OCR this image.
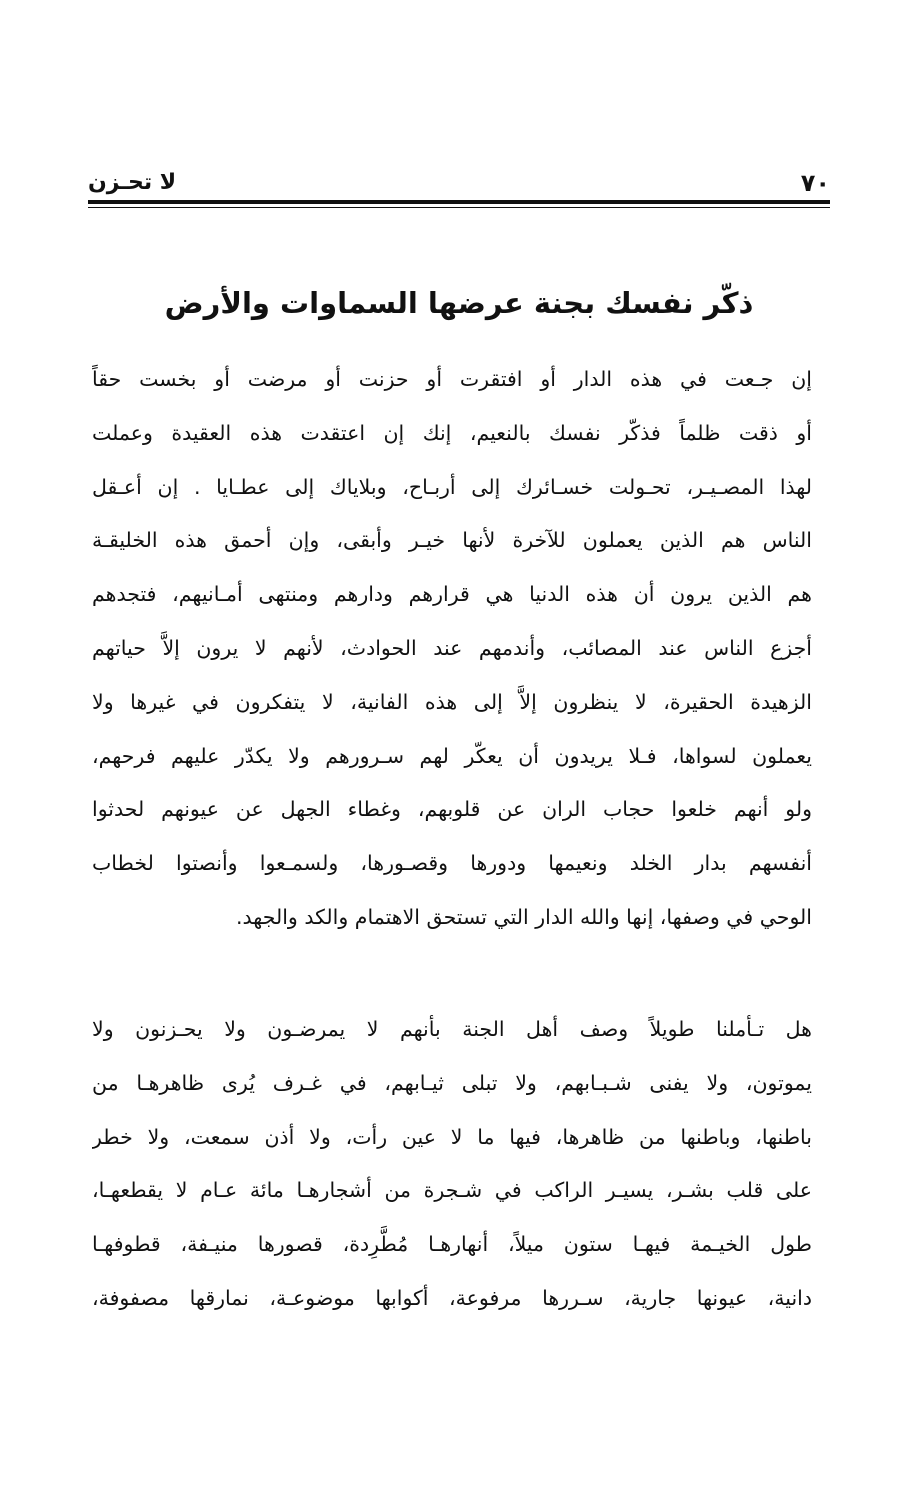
٧٠
لا تحـزن
ذكّر نفسك بجنة عرضها السماوات والأرض
إن جـعت في هذه الدار أو افتقرت أو حزنت أو مرضت أو بخست حقاً
أو ذقت ظلماً فذكّر نفسك بالنعيم، إنك إن اعتقدت هذه العقيدة وعملت
لهذا المصـيـر، تحـولت خسـائرك إلى أربـاح، وبلاياك إلى عطـايا . إن أعـقل
الناس هم الذين يعملون للآخرة لأنها خيـر وأبقى، وإن أحمق هذه الخليقـة
هم الذين يرون أن هذه الدنيا هي قرارهم ودارهم ومنتهى أمـانيهم، فتجدهم
أجزع الناس عند المصائب، وأندمهم عند الحوادث، لأنهم لا يرون إلاَّ حياتهم
الزهيدة الحقيرة، لا ينظرون إلاَّ إلى هذه الفانية، لا يتفكرون في غيرها ولا
يعملون لسواها، فـلا يريدون أن يعكّر لهم سـرورهم ولا يكدّر عليهم فرحهم،
ولو أنهم خلعوا حجاب الران عن قلوبهم، وغطاء الجهل عن عيونهم لحدثوا
أنفسهم بدار الخلد ونعيمها ودورها وقصـورها، ولسمـعوا وأنصتوا لخطاب
الوحي في وصفها، إنها والله الدار التي تستحق الاهتمام والكد والجهد.
هل تـأملنا طويلاً وصف أهل الجنة بأنهم لا يمرضـون ولا يحـزنون ولا
يموتون، ولا يفنى شـبـابهم، ولا تبلى ثيـابهم، في غـرف يُرى ظاهرهـا من
باطنها، وباطنها من ظاهرها، فيها ما لا عين رأت، ولا أذن سمعت، ولا خطر
على قلب بشـر، يسيـر الراكب في شـجرة من أشجارهـا مائة عـام لا يقطعهـا،
طول الخيـمة فيهـا ستون ميلاً، أنهارهـا مُطَّرِدة، قصورها منيـفة، قطوفهـا
دانية، عيونها جارية، سـررها مرفوعة، أكوابها موضوعـة، نمارقها مصفوفة،
